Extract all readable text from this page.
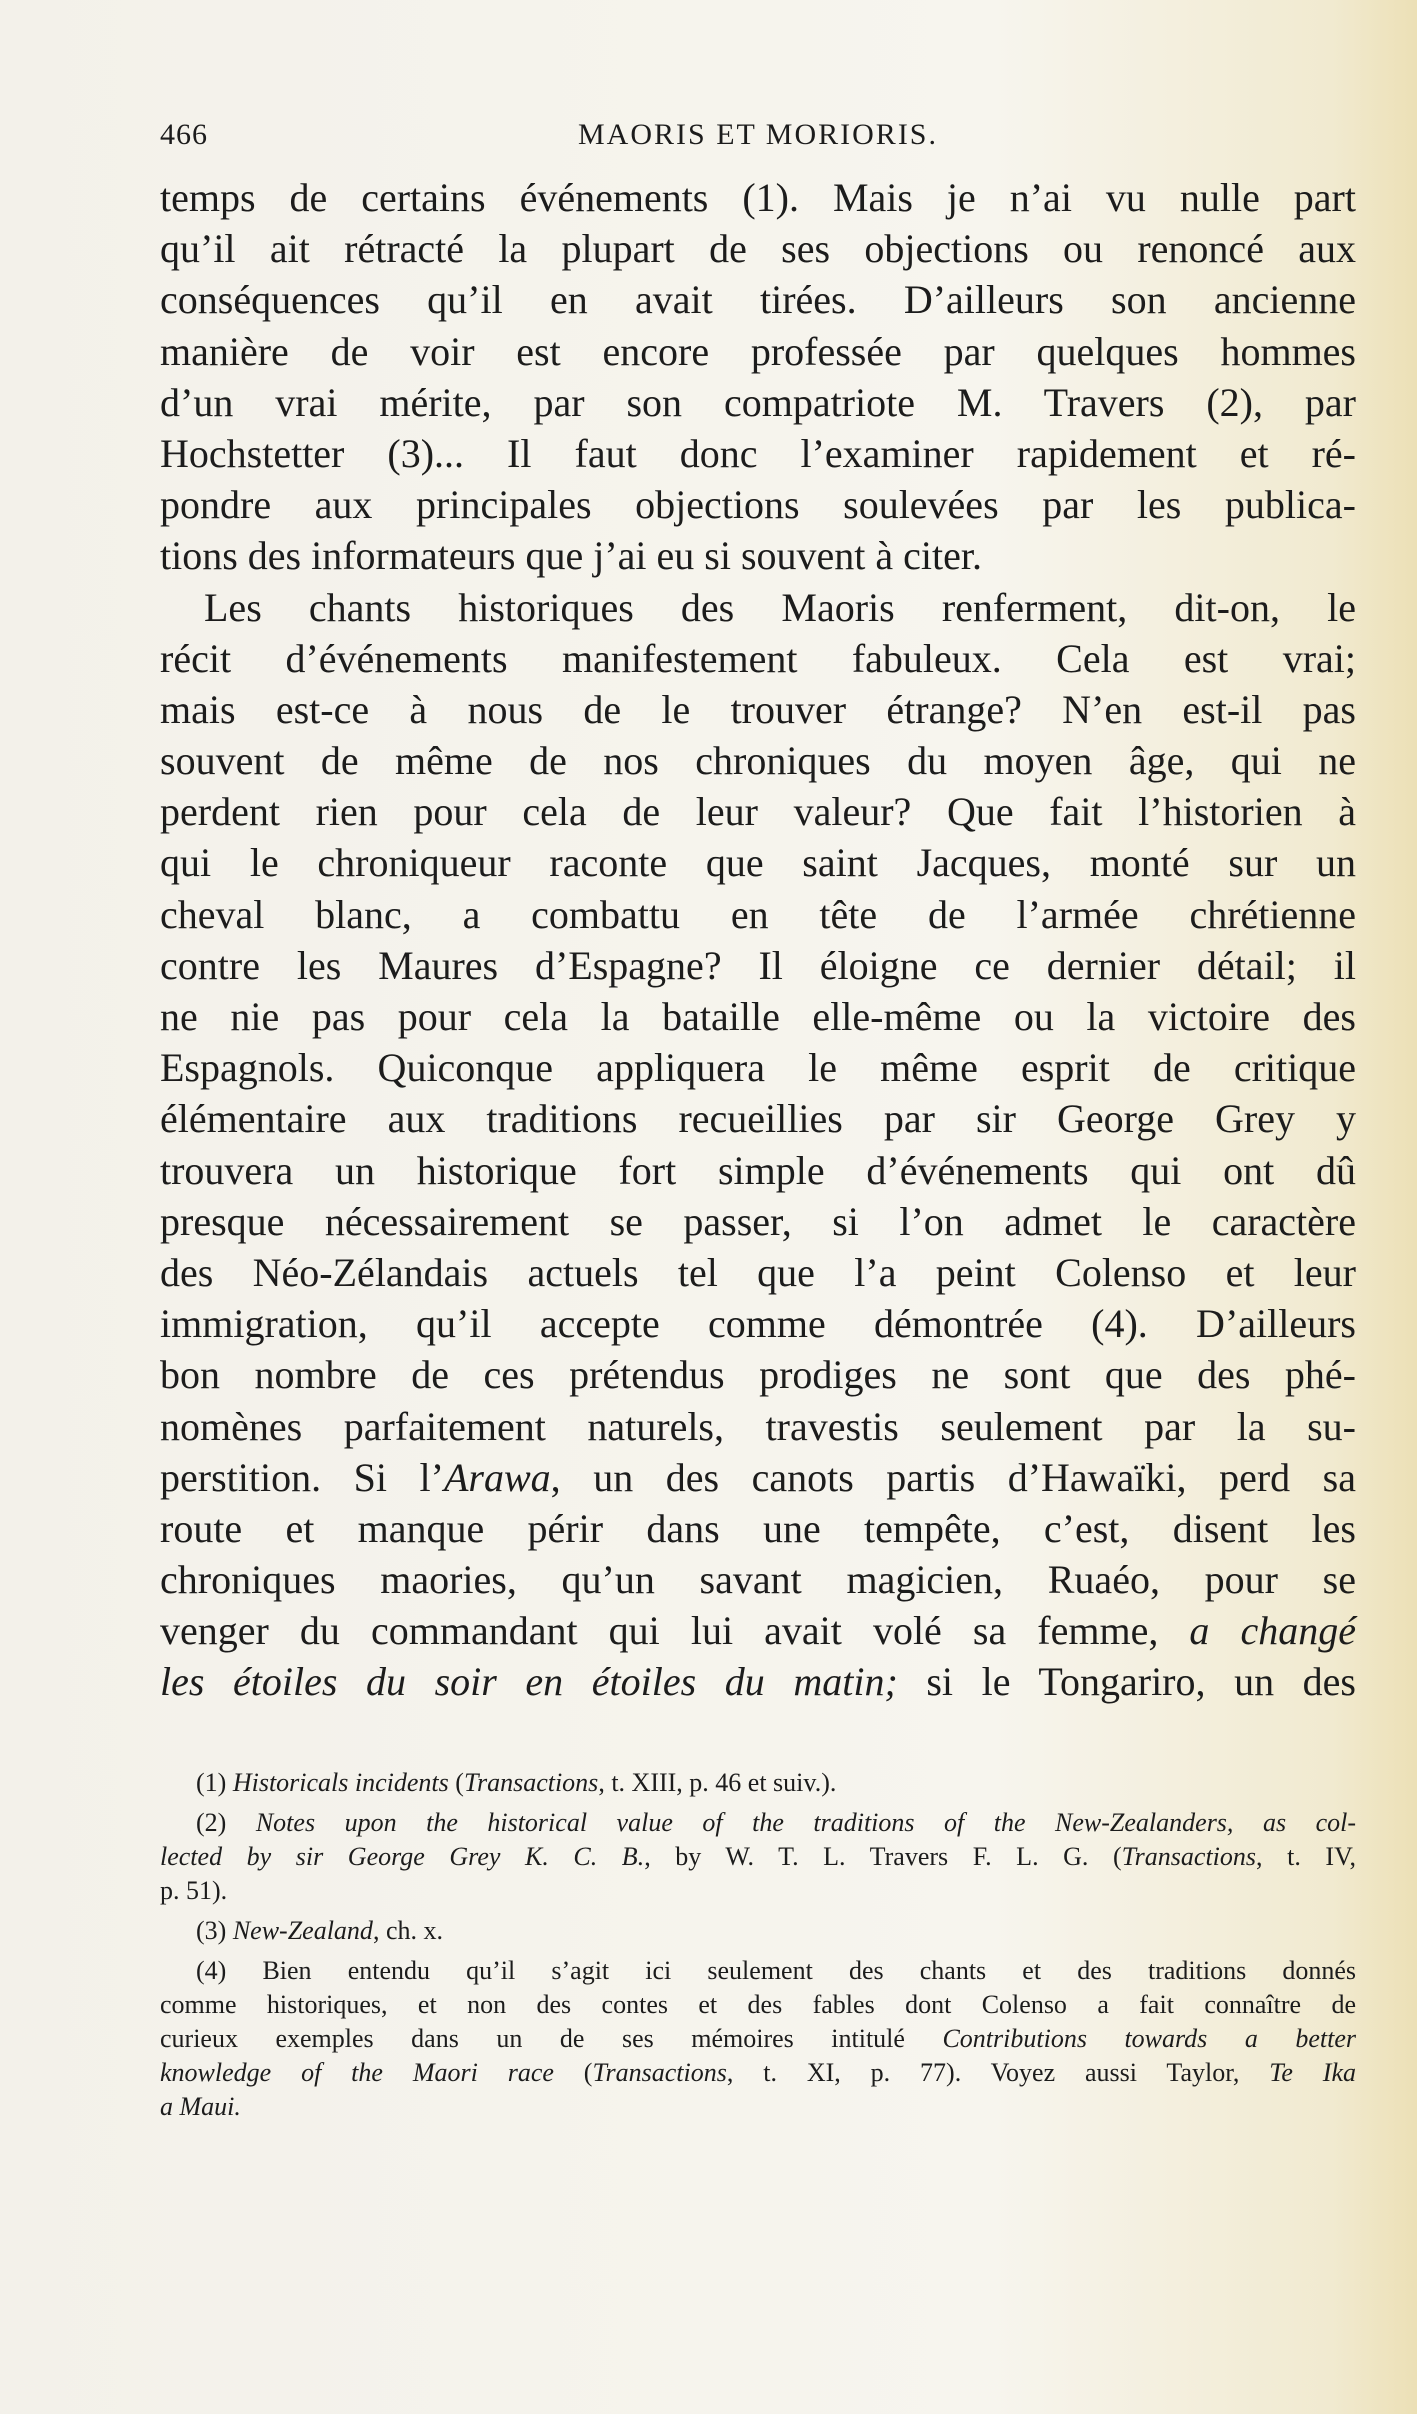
466	MAORIS ET MORIORIS.
temps de certains événements (1). Mais je n’ai vu nulle part
qu’il ait rétracté la plupart de ses objections ou renoncé aux
conséquences qu’il en avait tirées. D’ailleurs son ancienne
manière de voir est encore professée par quelques hommes
d’un vrai mérite, par son compatriote M. Travers (2), par
Hochstetter (3)... Il faut donc l’examiner rapidement et ré-
pondre aux principales objections soulevées par les publica-
tions des informateurs que j’ai eu si souvent à citer.
Les chants historiques des Maoris renferment, dit-on, le
récit d’événements manifestement fabuleux. Cela est vrai;
mais est-ce à nous de le trouver étrange? N’en est-il pas
souvent de même de nos chroniques du moyen âge, qui ne
perdent rien pour cela de leur valeur? Que fait l’historien à
qui le chroniqueur raconte que saint Jacques, monté sur un
cheval blanc, a combattu en tête de l’armée chrétienne
contre les Maures d’Espagne? Il éloigne ce dernier détail; il
ne nie pas pour cela la bataille elle-même ou la victoire des
Espagnols. Quiconque appliquera le même esprit de critique
élémentaire aux traditions recueillies par sir George Grey y
trouvera un historique fort simple d’événements qui ont dû
presque nécessairement se passer, si l’on admet le caractère
des Néo-Zélandais actuels tel que l’a peint Colenso et leur
immigration, qu’il accepte comme démontrée (4). D’ailleurs
bon nombre de ces prétendus prodiges ne sont que des phé-
nomènes parfaitement naturels, travestis seulement par la su-
perstition. Si l’Arawa, un des canots partis d’Hawaïki, perd sa
route et manque périr dans une tempête, c’est, disent les
chroniques maories, qu’un savant magicien, Ruaéo, pour se
venger du commandant qui lui avait volé sa femme, a changé
les étoiles du soir en étoiles du matin; si le Tongariro, un des
(1) Historicals incidents (Transactions, t. XIII, p. 46 et suiv.).
(2) Notes upon the historical value of the traditions of the New-Zealanders, as col-
lected by sir George Grey K. C. B., by W. T. L. Travers F. L. G. (Transactions, t. IV,
p. 51).
(3) New-Zealand, ch. x.
(4) Bien entendu qu’il s’agit ici seulement des chants et des traditions donnés
comme historiques, et non des contes et des fables dont Colenso a fait connaître de
curieux exemples dans un de ses mémoires intitulé Contributions towards a better
knowledge of the Maori race (Transactions, t. XI, p. 77). Voyez aussi Taylor, Te Ika
a Maui.
